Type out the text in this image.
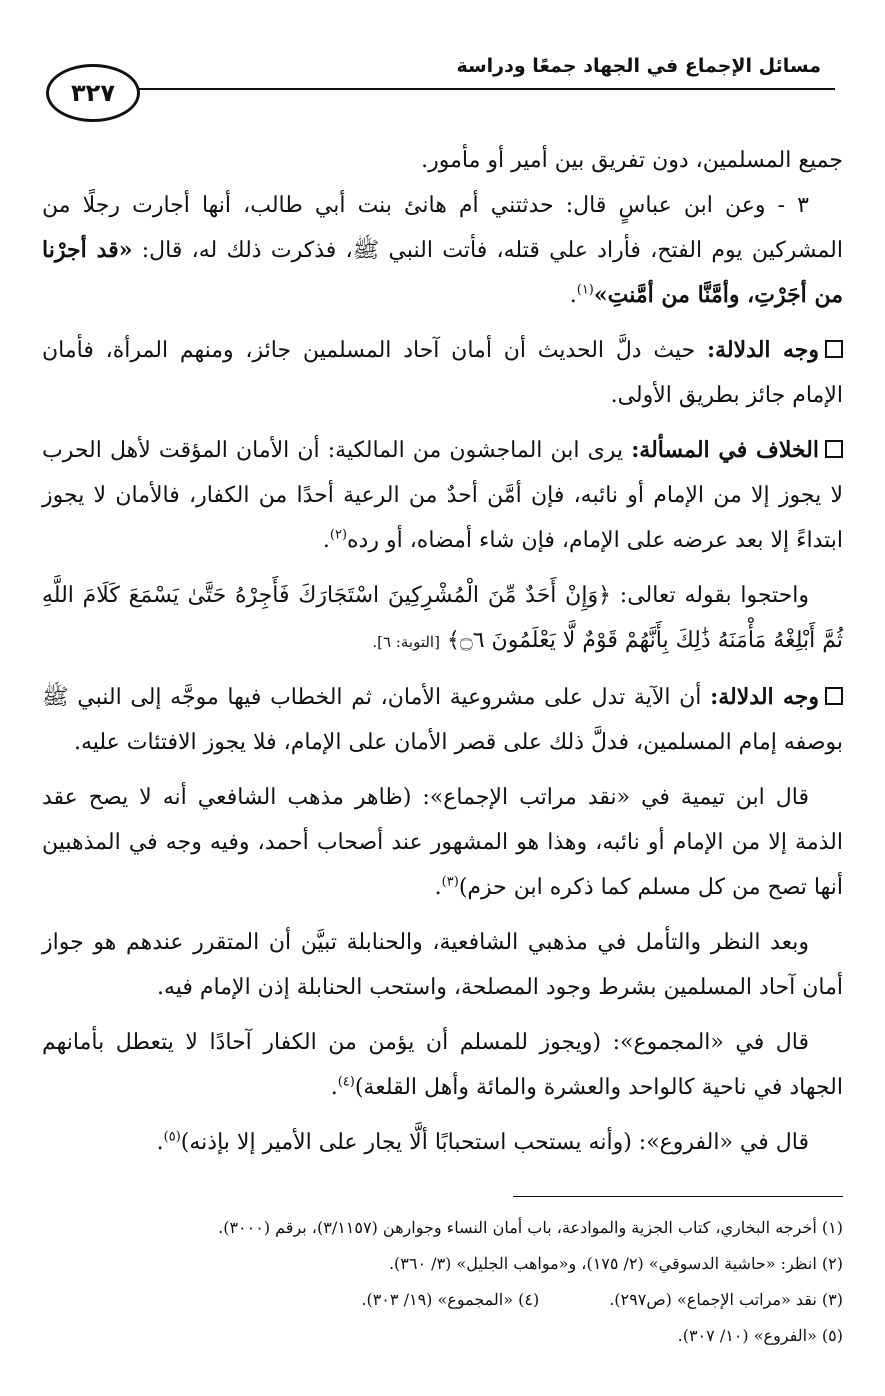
مسائل الإجماع في الجهاد جمعًا ودراسة
٣٢٧

جميع المسلمين، دون تفريق بين أمير أو مأمور.

٣ - وعن ابن عباسٍ قال: حدثتني أم هانئ بنت أبي طالب، أنها أجارت رجلًا من المشركين يوم الفتح، فأراد علي قتله، فأتت النبي ﷺ، فذكرت ذلك له، قال: «قد أجرْنا من أجَرْتِ، وأمَّنَّا من أمَّنتِ»$^{(١)}$.

وجه الدلالة: حيث دلَّ الحديث أن أمان آحاد المسلمين جائز، ومنهم المرأة، فأمان الإمام جائز بطريق الأولى.

الخلاف في المسألة: يرى ابن الماجشون من المالكية: أن الأمان المؤقت لأهل الحرب لا يجوز إلا من الإمام أو نائبه، فإن أمَّن أحدٌ من الرعية أحدًا من الكفار، فالأمان لا يجوز ابتداءً إلا بعد عرضه على الإمام، فإن شاء أمضاه، أو رده$^{(٢)}$.

واحتجوا بقوله تعالى: ﴿وَإِنْ أَحَدٌ مِّنَ الْمُشْرِكِينَ اسْتَجَارَكَ فَأَجِرْهُ حَتَّىٰ يَسْمَعَ كَلَامَ اللَّهِ ثُمَّ أَبْلِغْهُ مَأْمَنَهُ ذَٰلِكَ بِأَنَّهُمْ قَوْمٌ لَّا يَعْلَمُونَ ۝٦﴾ [التوبة: ٦].

وجه الدلالة: أن الآية تدل على مشروعية الأمان، ثم الخطاب فيها موجَّه إلى النبي ﷺ بوصفه إمام المسلمين، فدلَّ ذلك على قصر الأمان على الإمام، فلا يجوز الافتئات عليه.

قال ابن تيمية في «نقد مراتب الإجماع»: (ظاهر مذهب الشافعي أنه لا يصح عقد الذمة إلا من الإمام أو نائبه، وهذا هو المشهور عند أصحاب أحمد، وفيه وجه في المذهبين أنها تصح من كل مسلم كما ذكره ابن حزم)$^{(٣)}$.

وبعد النظر والتأمل في مذهبي الشافعية، والحنابلة تبيَّن أن المتقرر عندهم هو جواز أمان آحاد المسلمين بشرط وجود المصلحة، واستحب الحنابلة إذن الإمام فيه.

قال في «المجموع»: (ويجوز للمسلم أن يؤمن من الكفار آحادًا لا يتعطل بأمانهم الجهاد في ناحية كالواحد والعشرة والمائة وأهل القلعة)$^{(٤)}$.

قال في «الفروع»: (وأنه يستحب استحبابًا ألَّا يجار على الأمير إلا بإذنه)$^{(٥)}$.

(١) أخرجه البخاري، كتاب الجزية والموادعة، باب أمان النساء وجوارهن (٣/١١٥٧)، برقم (٣٠٠٠).
(٢) انظر: «حاشية الدسوقي» (٢/ ١٧٥)، و«مواهب الجليل» (٣/ ٣٦٠).
(٣) نقد «مراتب الإجماع» (ص٢٩٧).
(٤) «المجموع» (١٩/ ٣٠٣).
(٥) «الفروع» (١٠/ ٣٠٧).
